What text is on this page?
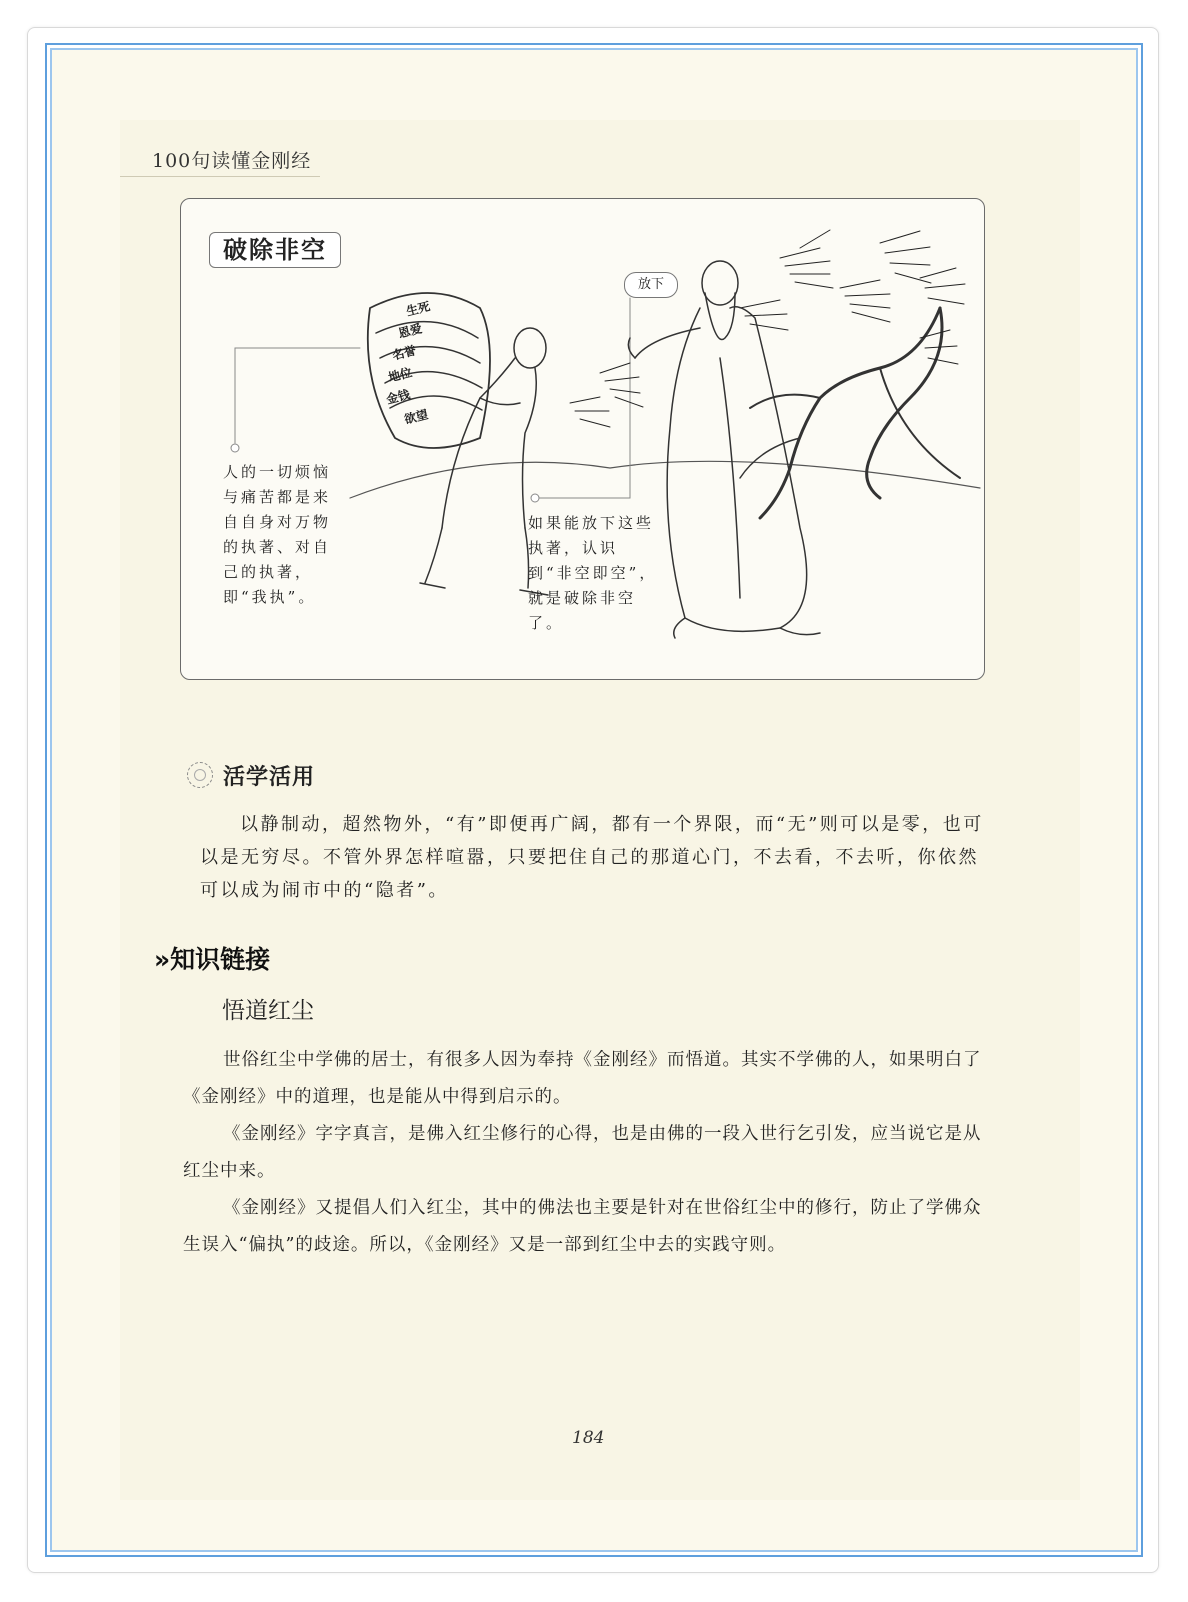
100句读懂金刚经
破除非空
放下
生死
恩爱
名誉
地位
金钱
欲望
人的一切烦恼与痛苦都是来自自身对万物的执著、对自己的执著，即“我执”。
如果能放下这些执著，认识到“非空即空”，就是破除非空了。
活学活用
以静制动，超然物外，“有”即便再广阔，都有一个界限，而“无”则可以是零，也可以是无穷尽。不管外界怎样喧嚣，只要把住自己的那道心门，不去看，不去听，你依然可以成为闹市中的“隐者”。
»知识链接
悟道红尘

世俗红尘中学佛的居士，有很多人因为奉持《金刚经》而悟道。其实不学佛的人，如果明白了《金刚经》中的道理，也是能从中得到启示的。

《金刚经》字字真言，是佛入红尘修行的心得，也是由佛的一段入世行乞引发，应当说它是从红尘中来。

《金刚经》又提倡人们入红尘，其中的佛法也主要是针对在世俗红尘中的修行，防止了学佛众生误入“偏执”的歧途。所以，《金刚经》又是一部到红尘中去的实践守则。

184
